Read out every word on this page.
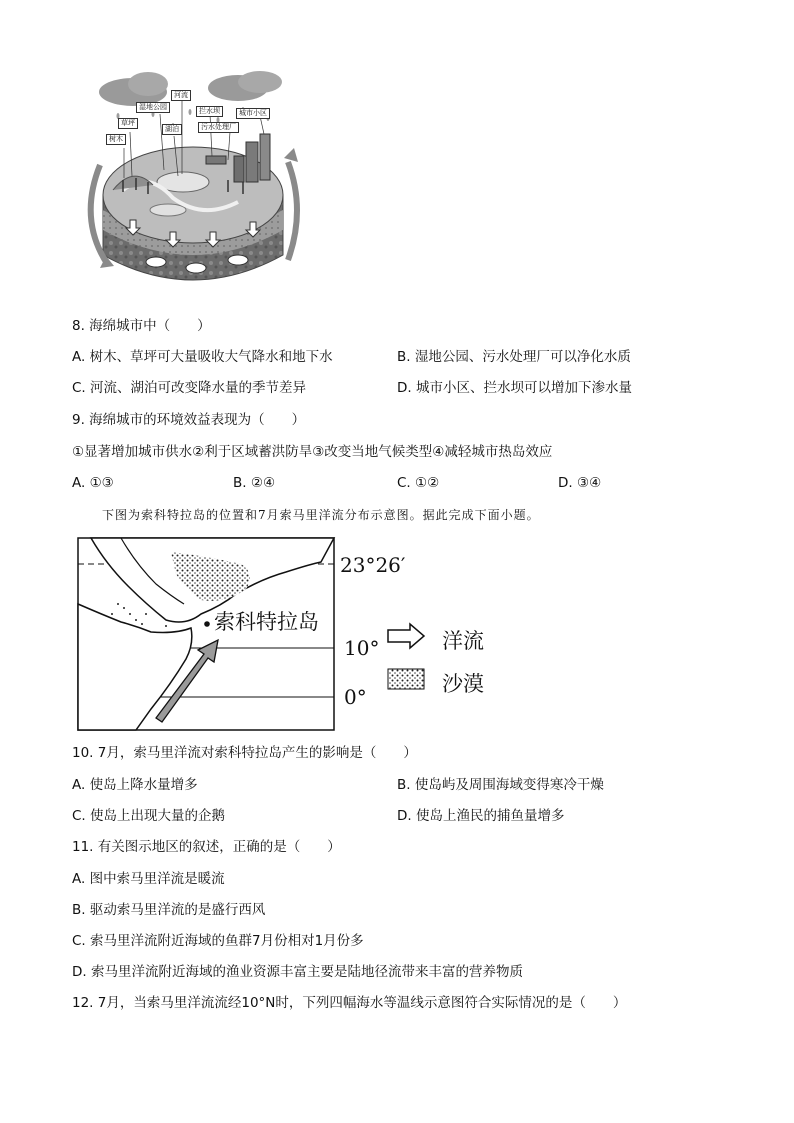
河流
湿地公园	拦水坝	城市小区
草坪
树木
湖泊	污水处理厂
8. 海绵城市中（　　）
A. 树木、草坪可大量吸收大气降水和地下水	B. 湿地公园、污水处理厂可以净化水质
C. 河流、湖泊可改变降水量的季节差异	D. 城市小区、拦水坝可以增加下渗水量
9. 海绵城市的环境效益表现为（　　）
①显著增加城市供水②利于区域蓄洪防旱③改变当地气候类型④减轻城市热岛效应
A. ①③	B. ②④	C. ①②	D. ③④
下图为索科特拉岛的位置和7月索马里洋流分布示意图。据此完成下面小题。
23°26′
10°
0°
索科特拉岛
洋流
沙漠
10. 7月，索马里洋流对索科特拉岛产生的影响是（　　）
A. 使岛上降水量增多	B. 使岛屿及周围海域变得寒冷干燥
C. 使岛上出现大量的企鹅	D. 使岛上渔民的捕鱼量增多
11. 有关图示地区的叙述，正确的是（　　）
A. 图中索马里洋流是暖流
B. 驱动索马里洋流的是盛行西风
C. 索马里洋流附近海域的鱼群7月份相对1月份多
D. 索马里洋流附近海域的渔业资源丰富主要是陆地径流带来丰富的营养物质
12. 7月，当索马里洋流流经10°N时，下列四幅海水等温线示意图符合实际情况的是（　　）
